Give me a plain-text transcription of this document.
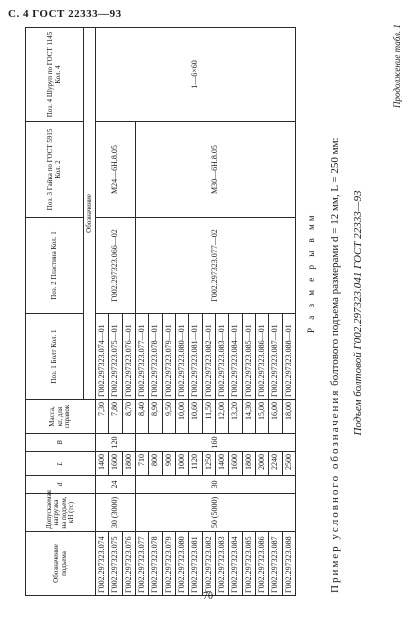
С. 4 ГОСТ 22333—93
Продолжение табл. 1
Обозначение подъема	Допускаемая нагрузка на подъем, кН (тс)	d	L	B	Масса, кг, для справок	Поз. 1 Болт Кол. 1	Поз. 2 Пластина Кол. 1	Поз. 3 Гайка по ГОСТ 5915 Кол. 2	Поз. 4 Шуруп по ГОСТ 1145 Кол. 4
						Обозначение			
Г002.297323.074	30 (3000)	24	1400	120	7,30	Г002.297323.074—01	Г002.297323.066—02	М24—6Н.8.05	1—6×60
Г002.297323.075			1600		7,80	Г002.297323.075—01			
Г002.297323.076			1800		8,70	Г002.297323.076—01			
Г002.297323.077	50 (5000)	30	710	160	8,40	Г002.297323.077—01	Г002.297323.077—02	М30—6Н.8.05	
Г002.297323.078			800		8,90	Г002.297323.078—01			
Г002.297323.079			900		9,50	Г002.297323.079—01			
Г002.297323.080			1000		10,00	Г002.297323.080—01			
Г002.297323.081			1120		10,60	Г002.297323.081—01			
Г002.297323.082			1250		11,50	Г002.297323.082—01			
Г002.297323.083			1400		12,00	Г002.297323.083—01			
Г002.297323.084			1600		13,20	Г002.297323.084—01			
Г002.297323.085			1800		14,30	Г002.297323.085—01			
Г002.297323.086			2000		15,00	Г002.297323.086—01			
Г002.297323.087			2240		16,00	Г002.297323.087—01			
Г002.297323.088			2500		18,00	Г002.297323.088—01			
Р а з м е р ы в мм
Пример условного обозначения болтового подъема размерами d = 12 мм, L = 250 мм: Подъем болтовой Г002.297323.041 ГОСТ 22333—93
70
